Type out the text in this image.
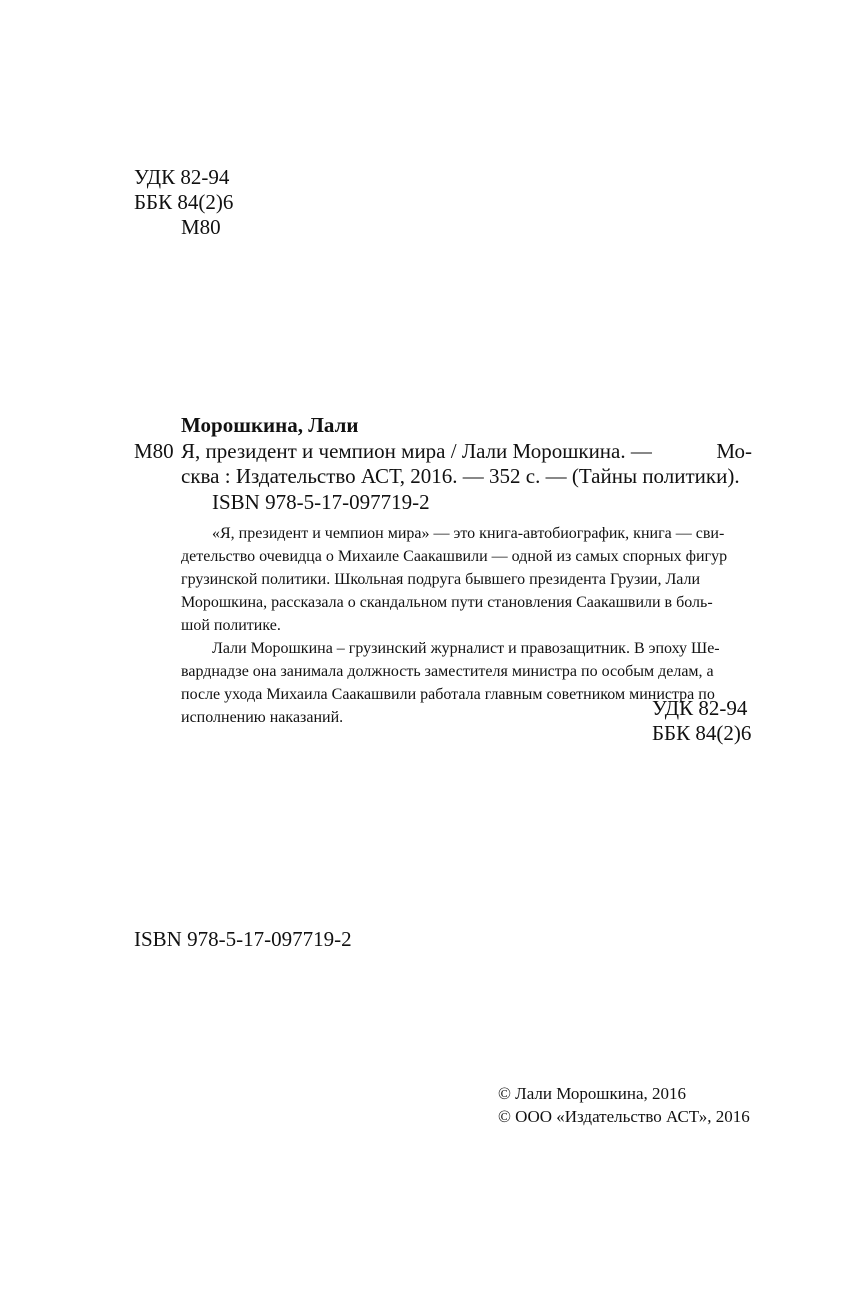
УДК 82-94
ББК 84(2)6
М80
Морошкина, Лали
М80 Я, президент и чемпион мира / Лали Морошкина. —	Мо-
сква : Издательство АСТ, 2016. — 352 с. — (Тайны политики).
ISBN 978-5-17-097719-2

«Я, президент и чемпион мира» — это книга-автобиографик, книга — сви-

детельство очевидца о Михаиле Саакашвили — одной из самых спорных фигур

грузинской политики. Школьная подруга бывшего президента Грузии, Лали

Морошкина, рассказала о скандальном пути становления Саакашвили в боль-

шой политике.

Лали Морошкина – грузинский журналист и правозащитник. В эпоху Ше-

варднадзе она занимала должность заместителя министра по особым делам, а

после ухода Михаила Саакашвили работала главным советником министра по

исполнению наказаний.	УДК 82-94
ББК 84(2)6
ISBN 978-5-17-097719-2
© Лали Морошкина, 2016
© ООО «Издательство АСТ», 2016
